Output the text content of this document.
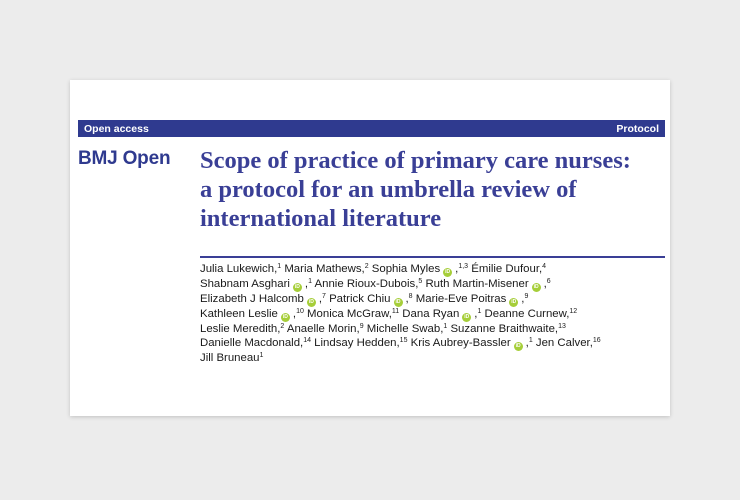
Open access	Protocol
BMJ Open Scope of practice of primary care nurses:
a protocol for an umbrella review of
international literature
Julia Lukewich,$^1$ Maria Mathews,$^2$ Sophia Myles iD ,$^{1,3}$ Émilie Dufour,$^4$
Shabnam Asghari iD ,$^1$ Annie Rioux-Dubois,$^5$ Ruth Martin-Misener iD ,$^6$
Elizabeth J Halcomb iD ,$^7$ Patrick Chiu iD ,$^8$ Marie-Eve Poitras iD ,$^9$
Kathleen Leslie iD ,$^{10}$ Monica McGraw,$^{11}$ Dana Ryan iD ,$^1$ Deanne Curnew,$^{12}$
Leslie Meredith,$^2$ Anaelle Morin,$^9$ Michelle Swab,$^1$ Suzanne Braithwaite,$^{13}$
Danielle Macdonald,$^{14}$ Lindsay Hedden,$^{15}$ Kris Aubrey-Bassler iD ,$^1$ Jen Calver,$^{16}$
Jill Bruneau$^1$
